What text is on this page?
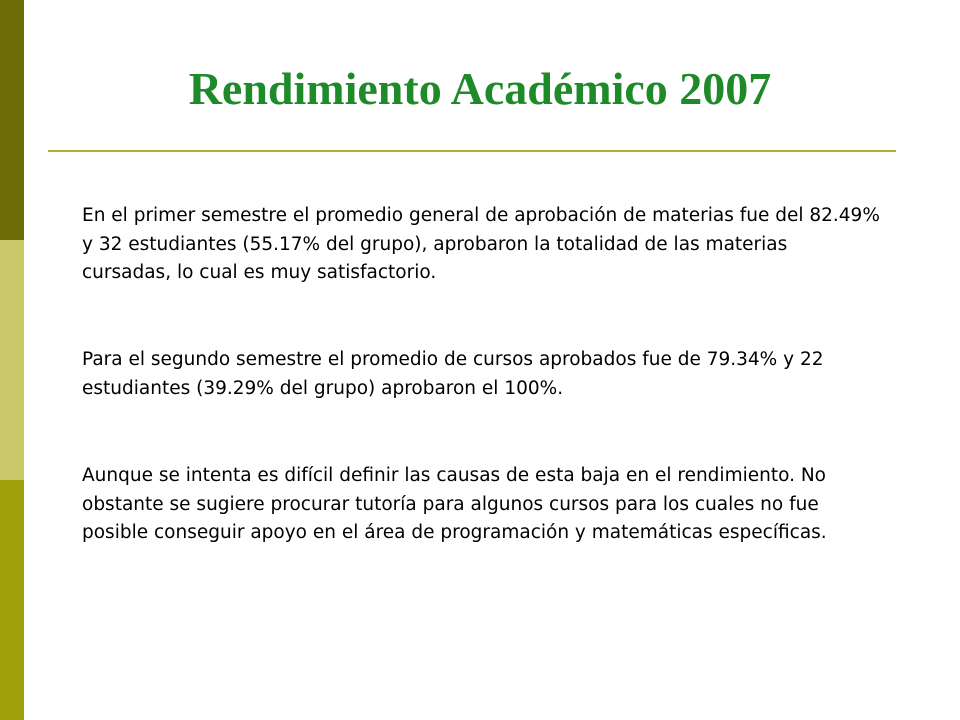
Rendimiento Académico 2007

En el primer semestre el promedio general de aprobación de materias fue del 82.49% y 32 estudiantes (55.17% del grupo), aprobaron la totalidad de las materias cursadas, lo cual es muy satisfactorio.

Para el segundo semestre el promedio de cursos aprobados fue de 79.34% y 22 estudiantes (39.29% del grupo) aprobaron el 100%.

Aunque se intenta es difícil definir las causas de esta baja en el rendimiento. No obstante se sugiere procurar tutoría para algunos cursos para los cuales no fue posible conseguir apoyo en el área de programación y matemáticas específicas.
